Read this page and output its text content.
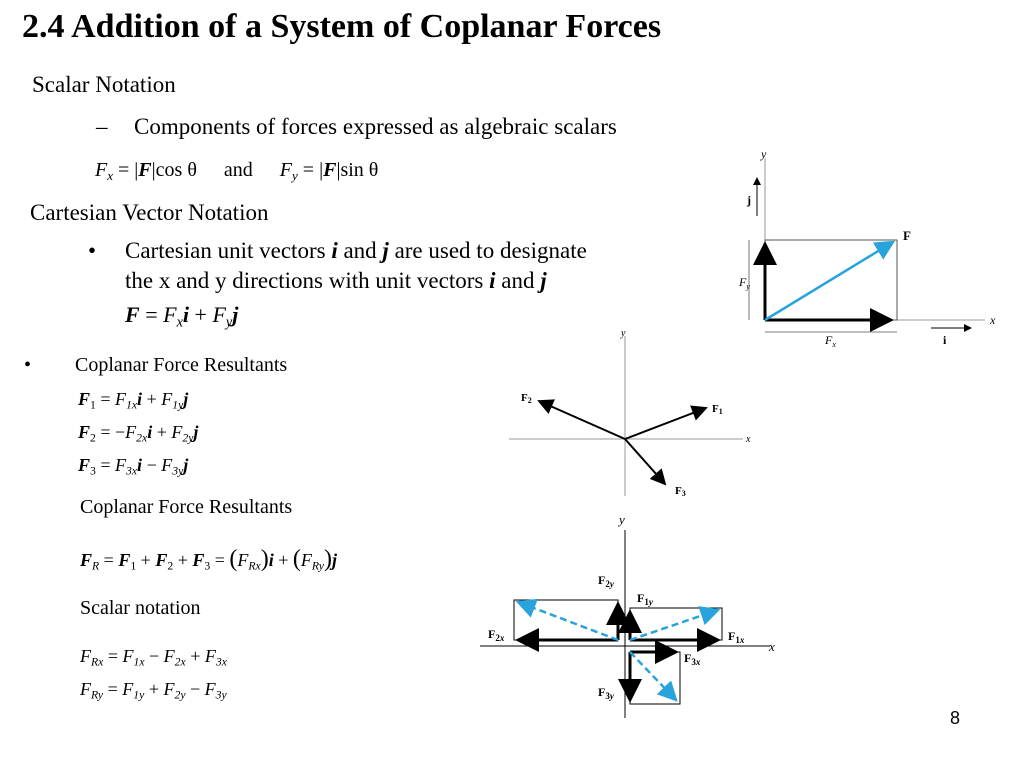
2.4 Addition of a System of Coplanar Forces
Scalar Notation
– Components of forces expressed as algebraic scalars
$F_x = |F|\cos$ θ and $F_y = |F|\sin$ θ
Cartesian Vector Notation
• Cartesian unit vectors i and j are used to designate
the x and y directions with unit vectors i and j
$F = F_xi + F_yj$
• Coplanar Force Resultants
$F_1 = F_{1x}i + F_{1y}j$
$F_2 = -F_{2x}i + F_{2y}j$
$F_3 = F_{3x}i - F_{3y}j$
Coplanar Force Resultants
$F_R = F_1 + F_2 + F_3 = (F_{Rx})i + (F_{Ry})j$
Scalar notation
$F_{Rx} = F_{1x} - F_{2x} + F_{3x}$
$F_{Ry} = F_{1y} + F_{2y} - F_{3y}$
y
x
F
j
i
$F_y$
$F_x$
y
x
F1
F2
F3
y
x
$F_{1y}$
$F_{1x}$
$F_{2y}$
$F_{2x}$
$F_{3x}$
$F_{3y}$
8
